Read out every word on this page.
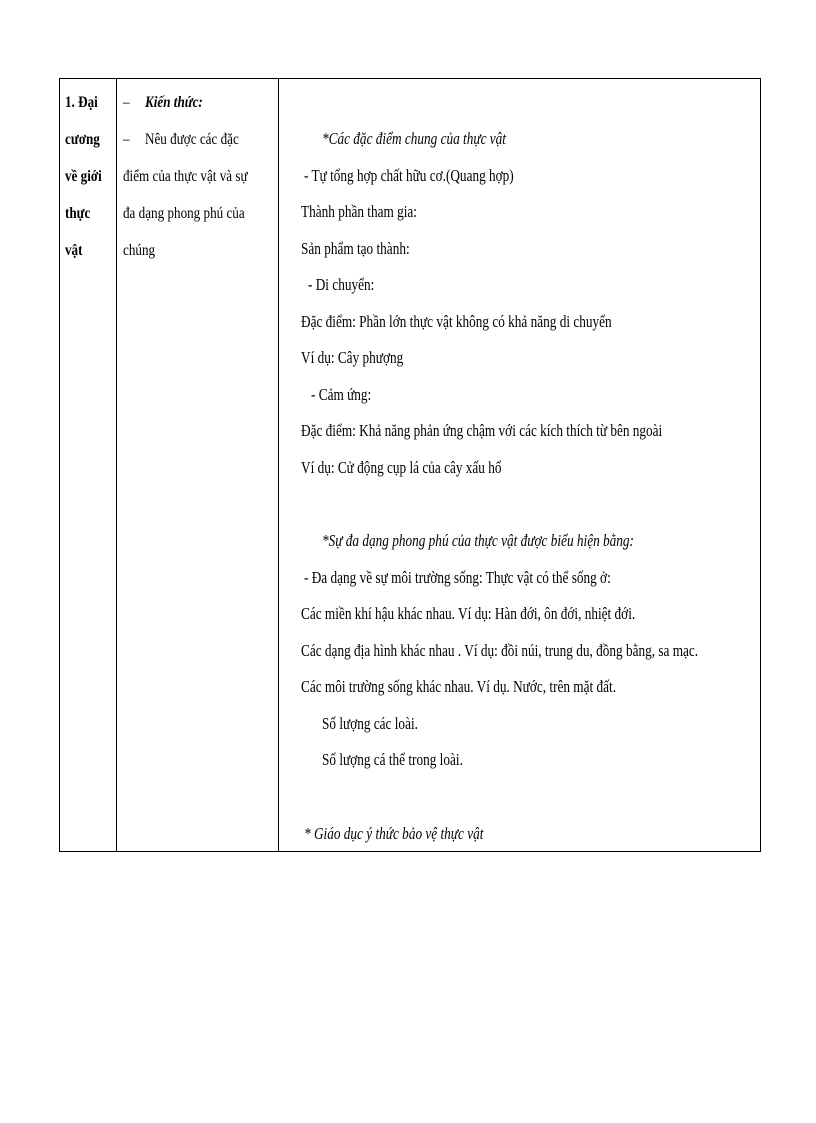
1. Đại
cương
về giới
thực
vật
– Kiến thức:
– Nêu được các đặc
điểm của thực vật và sự
đa dạng phong phú của
chúng
*Các đặc điểm chung của thực vật
- Tự tổng hợp chất hữu cơ.(Quang hợp)
Thành phần tham gia:
Sản phẩm tạo thành:
- Di chuyển:
Đặc điểm: Phần lớn thực vật không có khả năng di chuyển
Ví dụ: Cây phượng
- Cảm ứng:
Đặc điểm: Khả năng phản ứng chậm với các kích thích từ bên ngoài
Ví dụ: Cử động cụp lá của cây xấu hổ
*Sự đa dạng phong phú của thực vật được biểu hiện bằng:
- Đa dạng về sự môi trường sống: Thực vật có thể sống ở:
Các miền khí hậu khác nhau. Ví dụ: Hàn đới, ôn đới, nhiệt đới.
Các dạng địa hình khác nhau . Ví dụ: đồi núi, trung du, đồng bằng, sa mạc.
Các môi trường sống khác nhau. Ví dụ. Nước, trên mặt đất.
Số lượng các loài.
Số lượng cá thể trong loài.
* Giáo dục ý thức bảo vệ thực vật
